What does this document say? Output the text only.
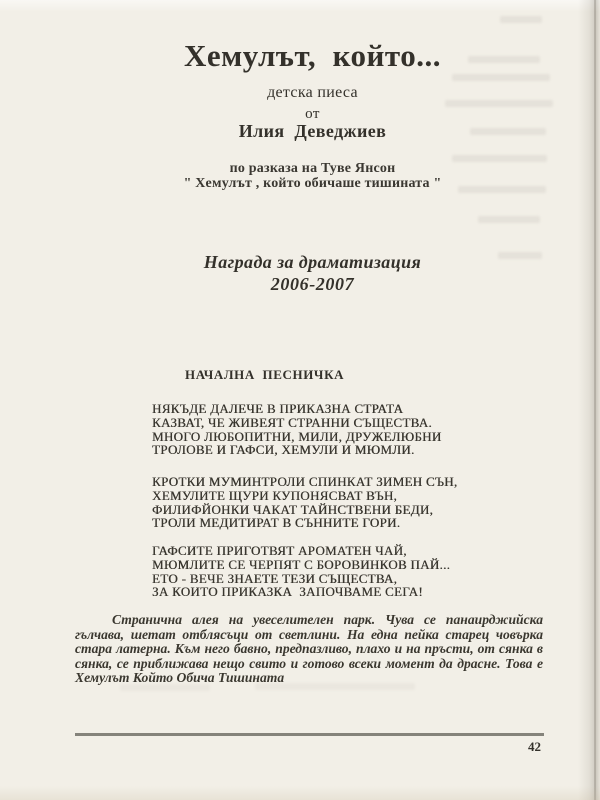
Хемулът,  който...
детска пиеса
от
Илия  Деведжиев
по разказа на Туве Янсон
" Хемулът , който обичаше тишината "
Награда за драматизация
2006-2007
НАЧАЛНА  ПЕСНИЧКА
НЯКЪДЕ ДАЛЕЧЕ В ПРИКАЗНА СТРАТА
КАЗВАТ, ЧЕ ЖИВЕЯТ СТРАННИ СЪЩЕСТВА.
МНОГО ЛЮБОПИТНИ, МИЛИ, ДРУЖЕЛЮБНИ
ТРОЛОВЕ И ГАФСИ, ХЕМУЛИ И МЮМЛИ.
КРОТКИ МУМИНТРОЛИ СПИНКАТ ЗИМЕН СЪН,
ХЕМУЛИТЕ ЩУРИ КУПОНЯСВАТ ВЪН,
ФИЛИФЙОНКИ ЧАКАТ ТАЙНСТВЕНИ БЕДИ,
ТРОЛИ МЕДИТИРАТ В СЪННИТЕ ГОРИ.
ГАФСИТЕ ПРИГОТВЯТ АРОМАТЕН ЧАЙ,
МЮМЛИТЕ СЕ ЧЕРПЯТ С БОРОВИНКОВ ПАЙ...
ЕТО - ВЕЧЕ ЗНАЕТЕ ТЕЗИ СЪЩЕСТВА,
ЗА КОИТО ПРИКАЗКА  ЗАПОЧВАМЕ СЕГА!
Странична алея на увеселителен парк. Чува се панаирджийска гълчава, шетат отблясъци от светлини. На една пейка старец човърка стара латерна. Към него бавно, предпазливо, плахо и на пръсти, от сянка в сянка, се приближава нещо свито и готово всеки момент да драсне. Това е Хемулът Който Обича Тишината
42
